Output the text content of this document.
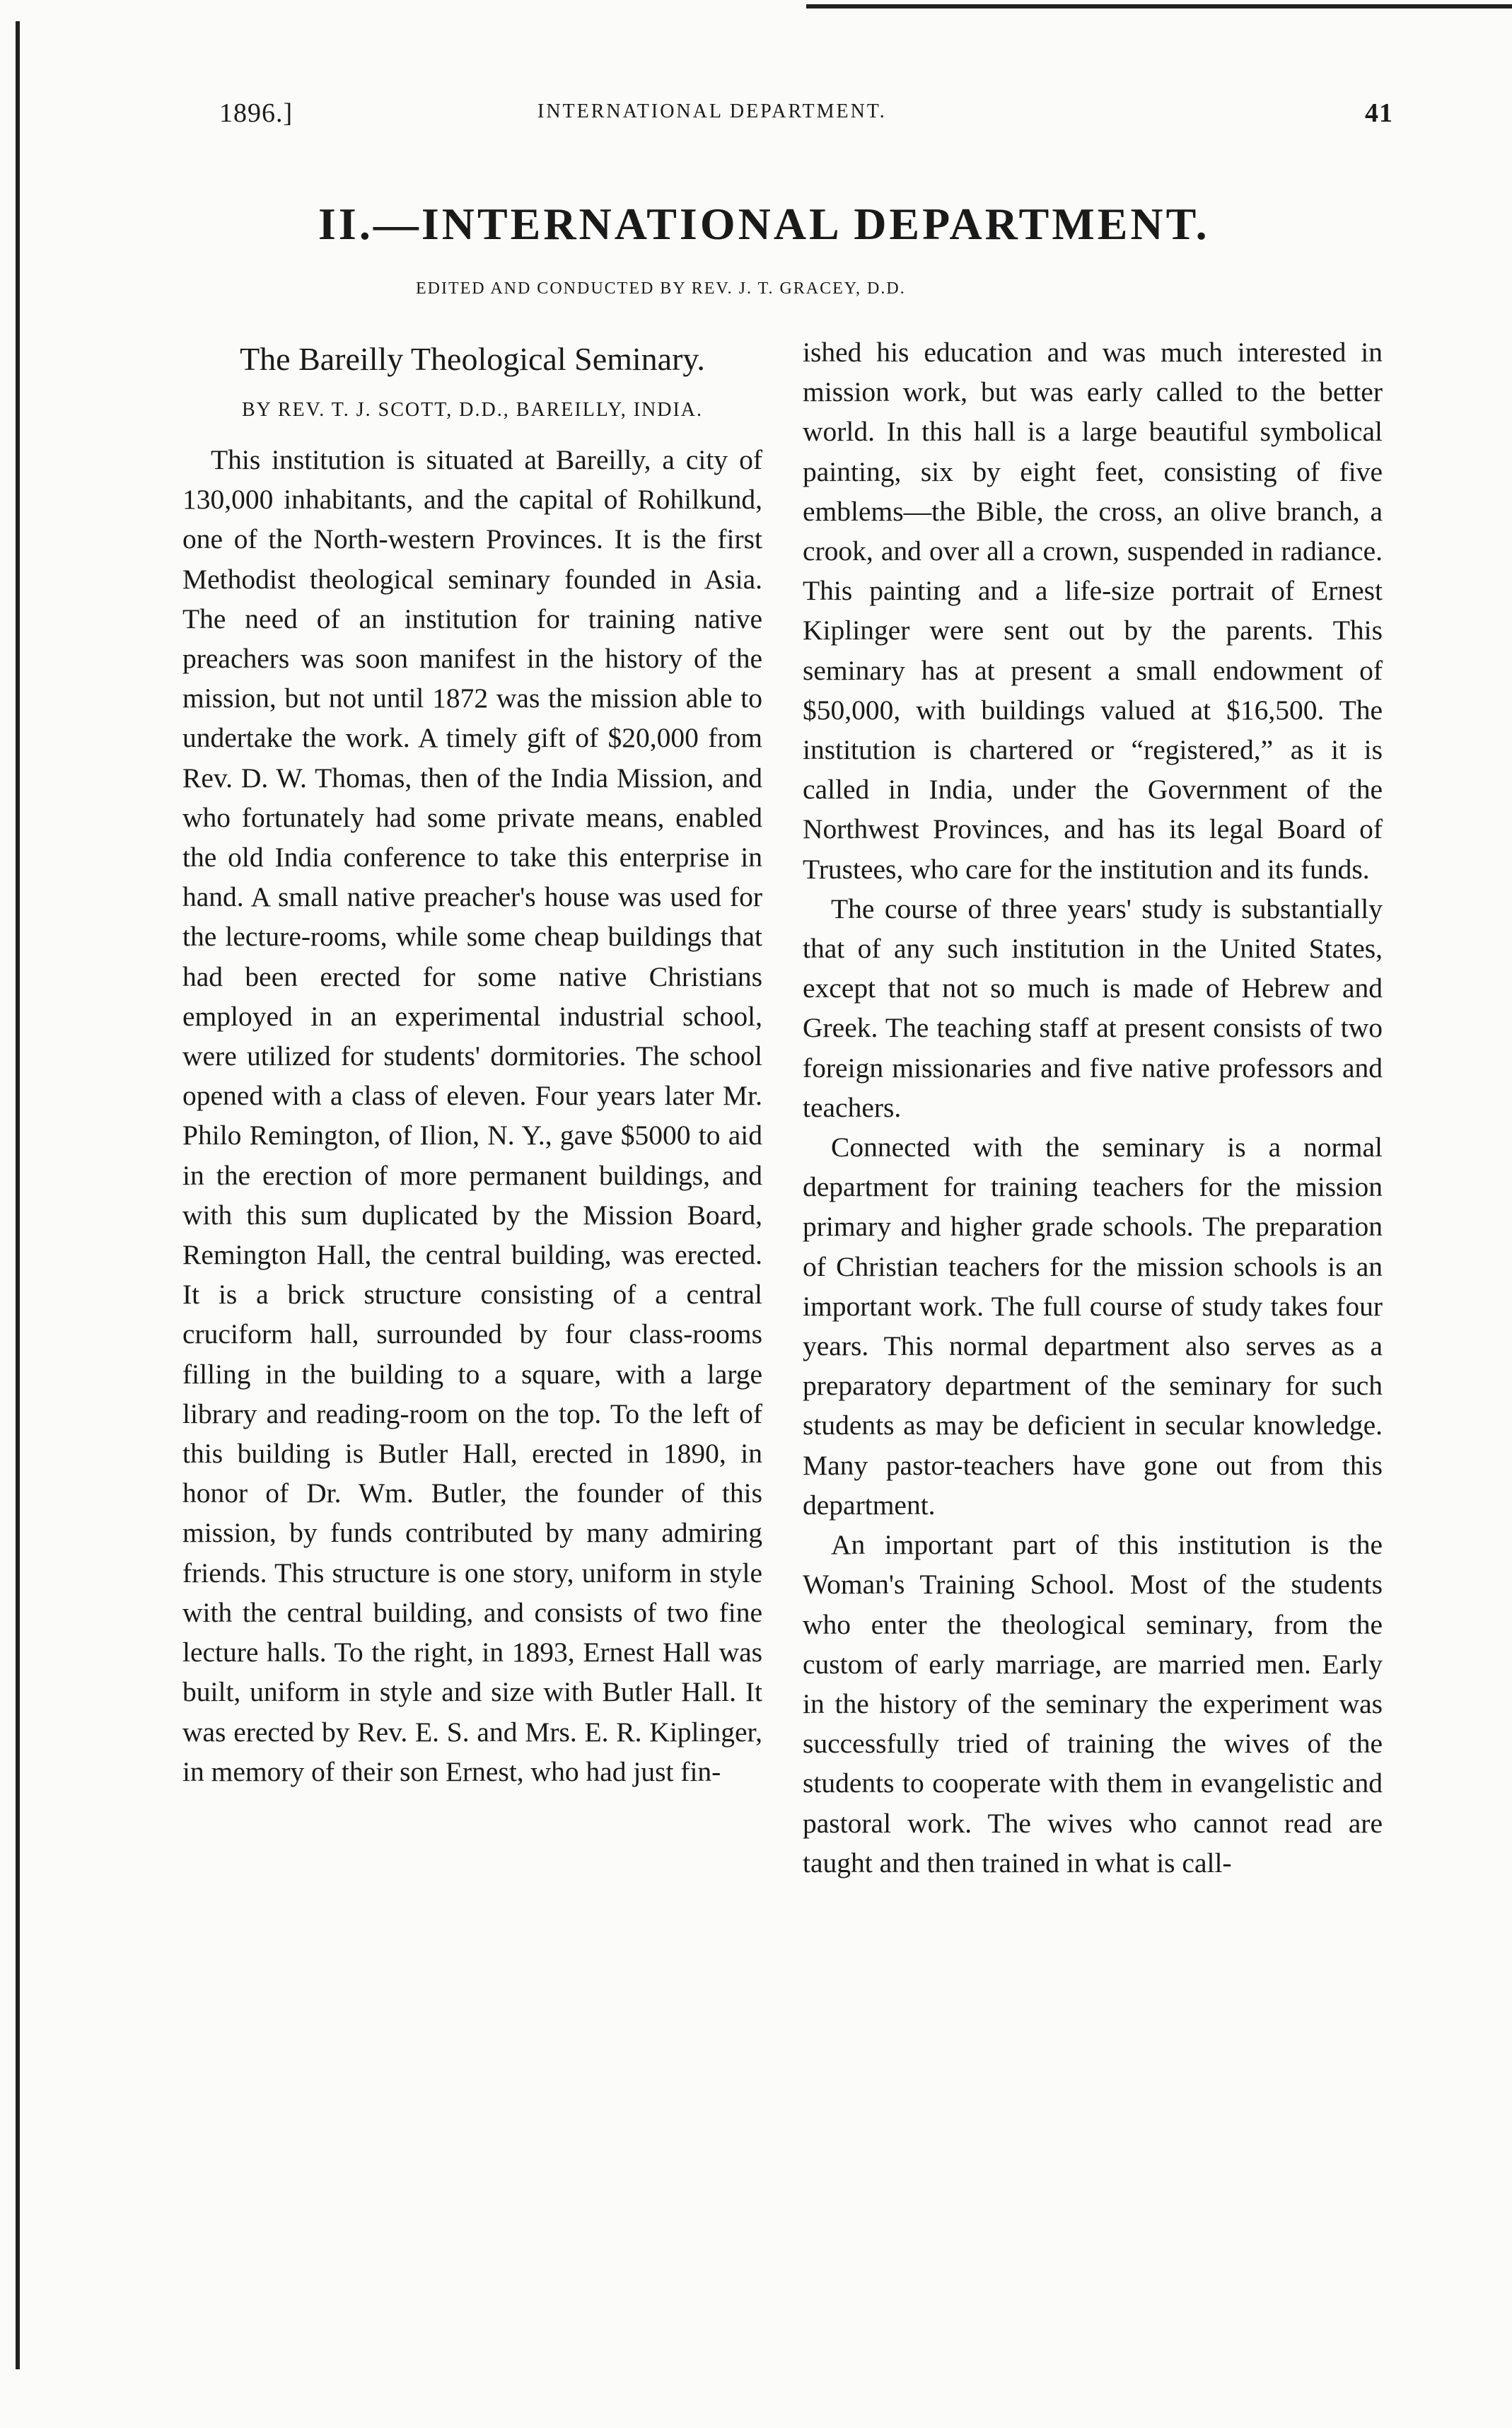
1896.]	INTERNATIONAL DEPARTMENT.	41
II.—INTERNATIONAL DEPARTMENT.
EDITED AND CONDUCTED BY REV. J. T. GRACEY, D.D.
The Bareilly Theological Seminary.
BY REV. T. J. SCOTT, D.D., BAREILLY, INDIA.

This institution is situated at Bareilly, a city of 130,000 inhabitants, and the capital of Rohilkund, one of the North-western Provinces. It is the first Methodist theological seminary founded in Asia. The need of an institution for training native preachers was soon manifest in the history of the mission, but not until 1872 was the mission able to undertake the work. A timely gift of $20,000 from Rev. D. W. Thomas, then of the India Mission, and who fortunately had some private means, enabled the old India conference to take this enterprise in hand. A small native preacher's house was used for the lecture-rooms, while some cheap buildings that had been erected for some native Christians employed in an experimental industrial school, were utilized for students' dormitories. The school opened with a class of eleven. Four years later Mr. Philo Remington, of Ilion, N. Y., gave $5000 to aid in the erection of more permanent buildings, and with this sum duplicated by the Mission Board, Remington Hall, the central building, was erected. It is a brick structure consisting of a central cruciform hall, surrounded by four class-rooms filling in the building to a square, with a large library and reading-room on the top. To the left of this building is Butler Hall, erected in 1890, in honor of Dr. Wm. Butler, the founder of this mission, by funds contributed by many admiring friends. This structure is one story, uniform in style with the central building, and consists of two fine lecture halls. To the right, in 1893, Ernest Hall was built, uniform in style and size with Butler Hall. It was erected by Rev. E. S. and Mrs. E. R. Kiplinger, in memory of their son Ernest, who had just fin-

ished his education and was much interested in mission work, but was early called to the better world. In this hall is a large beautiful symbolical painting, six by eight feet, consisting of five emblems—the Bible, the cross, an olive branch, a crook, and over all a crown, suspended in radiance. This painting and a life-size portrait of Ernest Kiplinger were sent out by the parents. This seminary has at present a small endowment of $50,000, with buildings valued at $16,500. The institution is chartered or “registered,” as it is called in India, under the Government of the Northwest Provinces, and has its legal Board of Trustees, who care for the institution and its funds.

The course of three years' study is substantially that of any such institution in the United States, except that not so much is made of Hebrew and Greek. The teaching staff at present consists of two foreign missionaries and five native professors and teachers.

Connected with the seminary is a normal department for training teachers for the mission primary and higher grade schools. The preparation of Christian teachers for the mission schools is an important work. The full course of study takes four years. This normal department also serves as a preparatory department of the seminary for such students as may be deficient in secular knowledge. Many pastor-teachers have gone out from this department.

An important part of this institution is the Woman's Training School. Most of the students who enter the theological seminary, from the custom of early marriage, are married men. Early in the history of the seminary the experiment was successfully tried of training the wives of the students to cooperate with them in evangelistic and pastoral work. The wives who cannot read are taught and then trained in what is call-
